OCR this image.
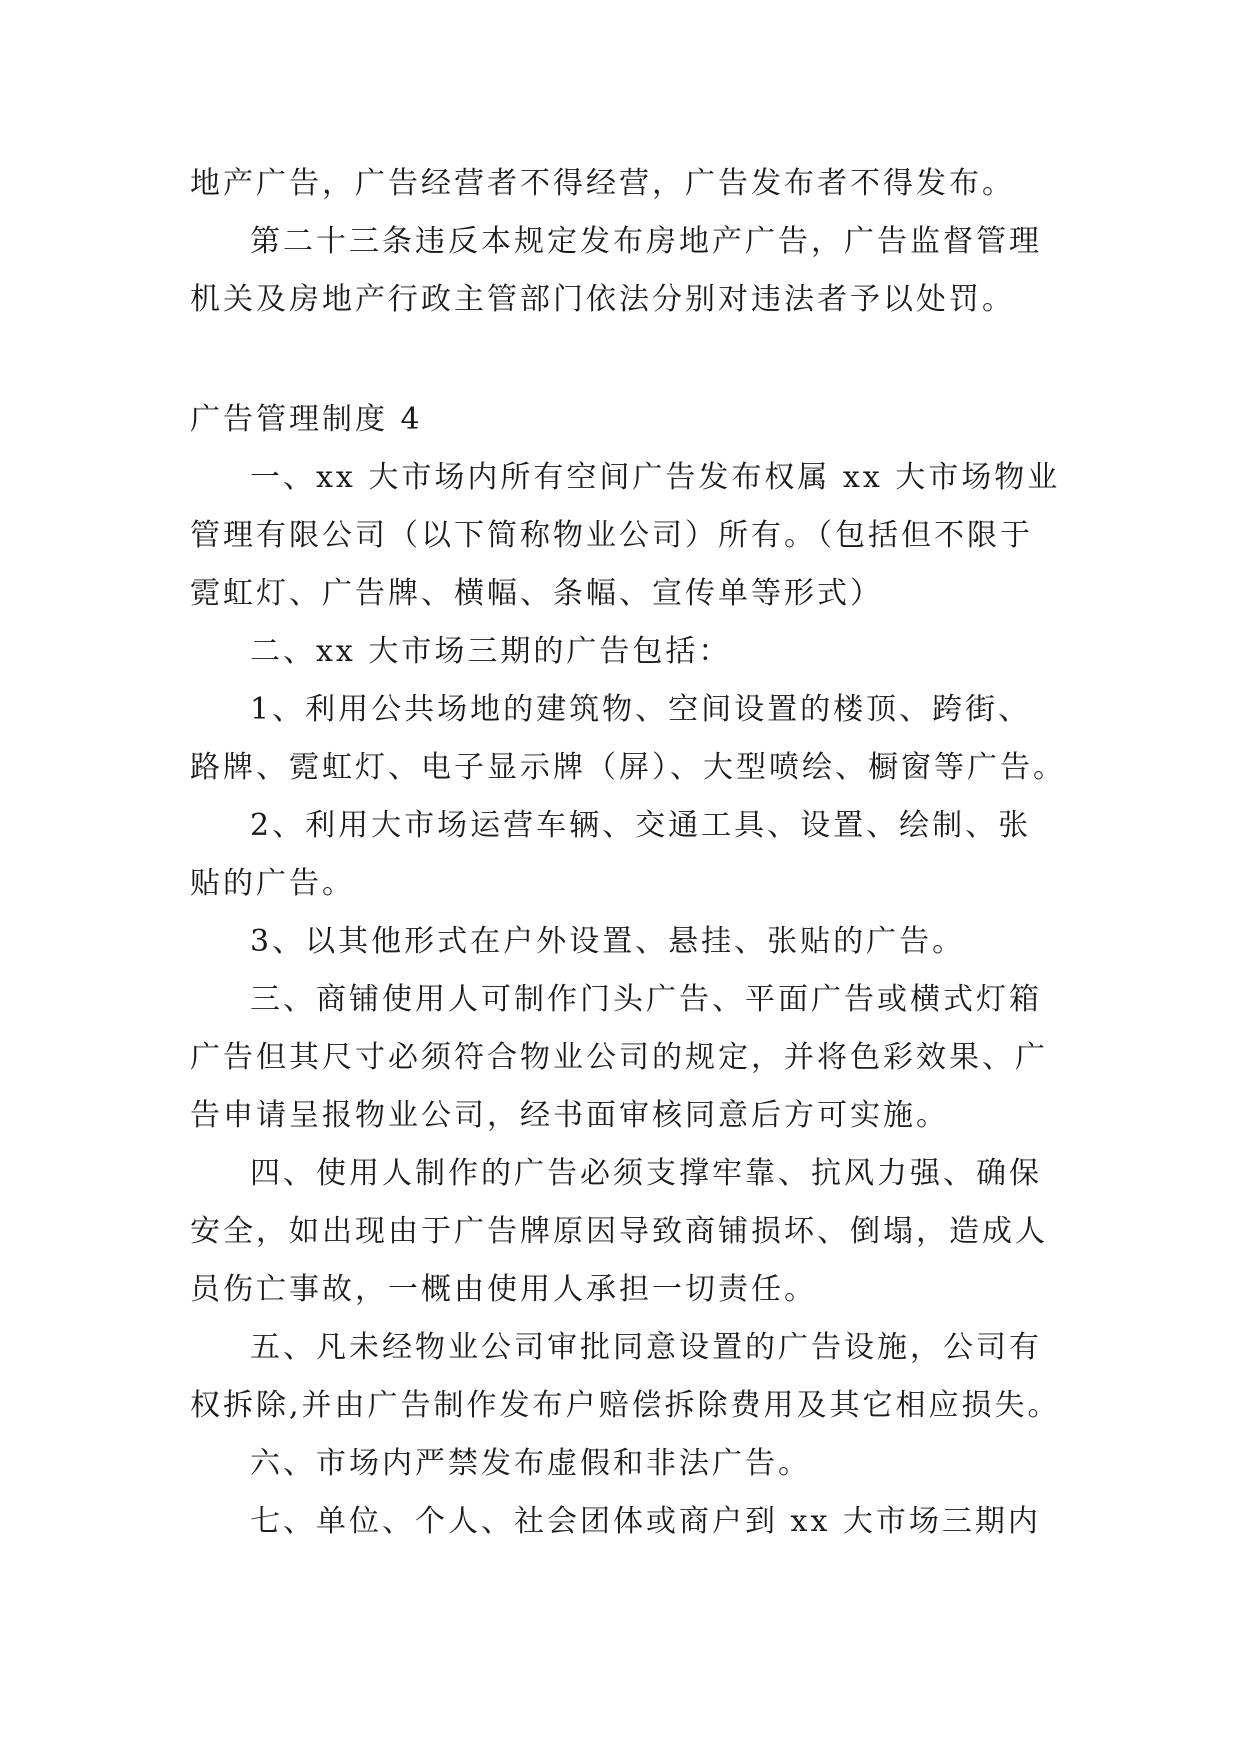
地产广告，广告经营者不得经营，广告发布者不得发布。
第二十三条违反本规定发布房地产广告，广告监督管理
机关及房地产行政主管部门依法分别对违法者予以处罚。
广告管理制度 4
一、xx 大市场内所有空间广告发布权属 xx 大市场物业
管理有限公司（以下简称物业公司）所有。（包括但不限于
霓虹灯、广告牌、横幅、条幅、宣传单等形式）
二、xx 大市场三期的广告包括：
1、利用公共场地的建筑物、空间设置的楼顶、跨街、
路牌、霓虹灯、电子显示牌（屏）、大型喷绘、橱窗等广告。
2、利用大市场运营车辆、交通工具、设置、绘制、张
贴的广告。
3、以其他形式在户外设置、悬挂、张贴的广告。
三、商铺使用人可制作门头广告、平面广告或横式灯箱
广告但其尺寸必须符合物业公司的规定，并将色彩效果、广
告申请呈报物业公司，经书面审核同意后方可实施。
四、使用人制作的广告必须支撑牢靠、抗风力强、确保
安全，如出现由于广告牌原因导致商铺损坏、倒塌，造成人
员伤亡事故，一概由使用人承担一切责任。
五、凡未经物业公司审批同意设置的广告设施，公司有
权拆除,并由广告制作发布户赔偿拆除费用及其它相应损失。
六、市场内严禁发布虚假和非法广告。
七、单位、个人、社会团体或商户到 xx 大市场三期内
